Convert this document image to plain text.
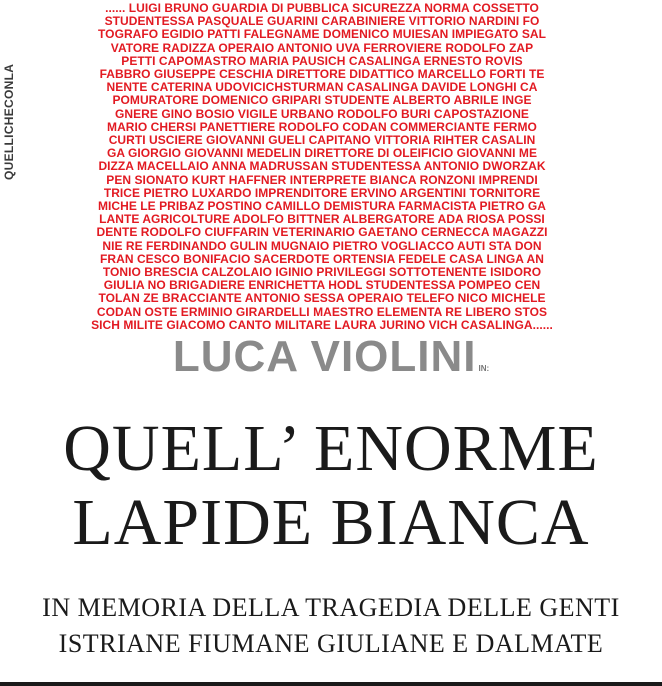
QUELLICHECONLA
...... LUIGI BRUNO GUARDIA DI PUBBLICA SICUREZZA NORMA COSSETTO
STUDENTESSA PASQUALE GUARINI CARABINIERE VITTORIO NARDINI FO
TOGRAFO EGIDIO PATTI FALEGNAME DOMENICO MUIESAN IMPIEGATO SAL
VATORE RADIZZA OPERAIO ANTONIO UVA FERROVIERE RODOLFO ZAP
PETTI CAPOMASTRO MARIA PAUSICH CASALINGA ERNESTO ROVIS
FABBRO GIUSEPPE CESCHIA DIRETTORE DIDATTICO MARCELLO FORTI TE
NENTE CATERINA UDOVICICHSTURMAN CASALINGA DAVIDE LONGHI CA
POMURATORE DOMENICO GRIPARI STUDENTE ALBERTO ABRILE INGE
GNERE GINO BOSIO VIGILE URBANO RODOLFO BURI CAPOSTAZIONE
MARIO CHERSI PANETTIERE RODOLFO CODAN COMMERCIANTE FERMO
CURTI USCIERE GIOVANNI GUELI CAPITANO VITTORIA RIHTER CASALIN
GA GIORGIO GIOVANNI MEDELIN DIRETTORE DI OLEIFICIO GIOVANNI ME
DIZZA MACELLAIO ANNA MADRUSSAN STUDENTESSA ANTONIO DWORZAK
PEN SIONATO KURT HAFFNER INTERPRETE BIANCA RONZONI IMPRENDI
TRICE PIETRO LUXARDO IMPRENDITORE ERVINO ARGENTINI TORNITORE
MICHE LE PRIBAZ POSTINO CAMILLO DEMISTURA FARMACISTA PIETRO GA
LANTE AGRICOLTURE ADOLFO BITTNER ALBERGATORE ADA RIOSA POSSI
DENTE RODOLFO CIUFFARIN VETERINARIO GAETANO CERNECCA MAGAZZI
NIE RE FERDINANDO GULIN MUGNAIO PIETRO VOGLIACCO AUTI STA DON
FRAN CESCO BONIFACIO SACERDOTE ORTENSIA FEDELE CASA LINGA AN
TONIO BRESCIA CALZOLAIO IGINIO PRIVILEGGI SOTTOTENENTE ISIDORO
GIULIA NO BRIGADIERE ENRICHETTA HODL STUDENTESSA POMPEO CEN
TOLAN ZE BRACCIANTE ANTONIO SESSA OPERAIO TELEFO NICO MICHELE
CODAN OSTE ERMINIO GIRARDELLI MAESTRO ELEMENTA RE LIBERO STOS
SICH MILITE GIACOMO CANTO MILITARE LAURA JURINO VICH CASALINGA......
LUCA VIOLINI IN:
QUELL’ ENORME
LAPIDE BIANCA
IN MEMORIA DELLA TRAGEDIA DELLE GENTI
ISTRIANE FIUMANE GIULIANE E DALMATE
